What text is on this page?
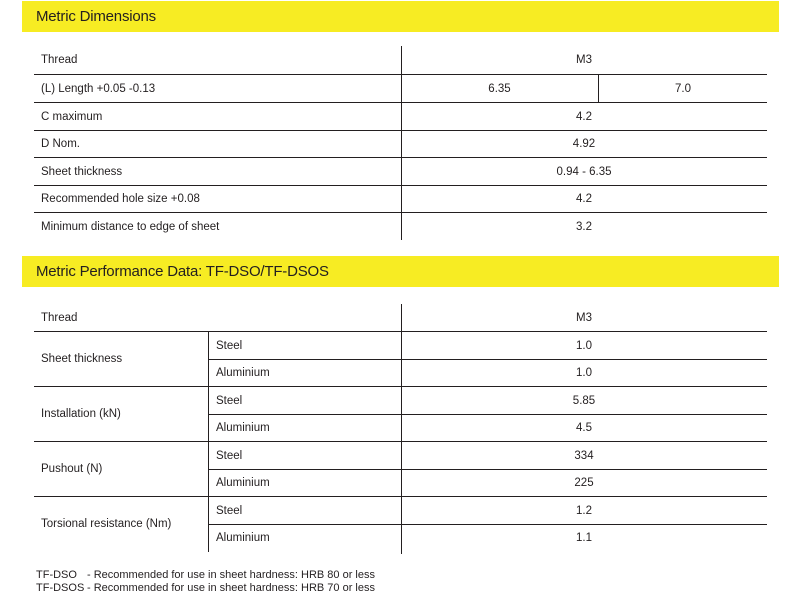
Metric Dimensions
Thread	M3
(L) Length +0.05 -0.13	6.35	7.0
C maximum	4.2
D Nom.	4.92
Sheet thickness	0.94 - 6.35
Recommended hole size +0.08	4.2
Minimum distance to edge of sheet	3.2
Metric Performance Data: TF-DSO/TF-DSOS
Thread	M3
Sheet thickness
Steel	1.0
Aluminium	1.0
Installation (kN)
Steel	5.85
Aluminium	4.5
Pushout (N)
Steel	334
Aluminium	225
Torsional resistance (Nm)
Steel	1.2
Aluminium	1.1
TF-DSO - Recommended for use in sheet hardness: HRB 80 or less
TF-DSOS - Recommended for use in sheet hardness: HRB 70 or less
